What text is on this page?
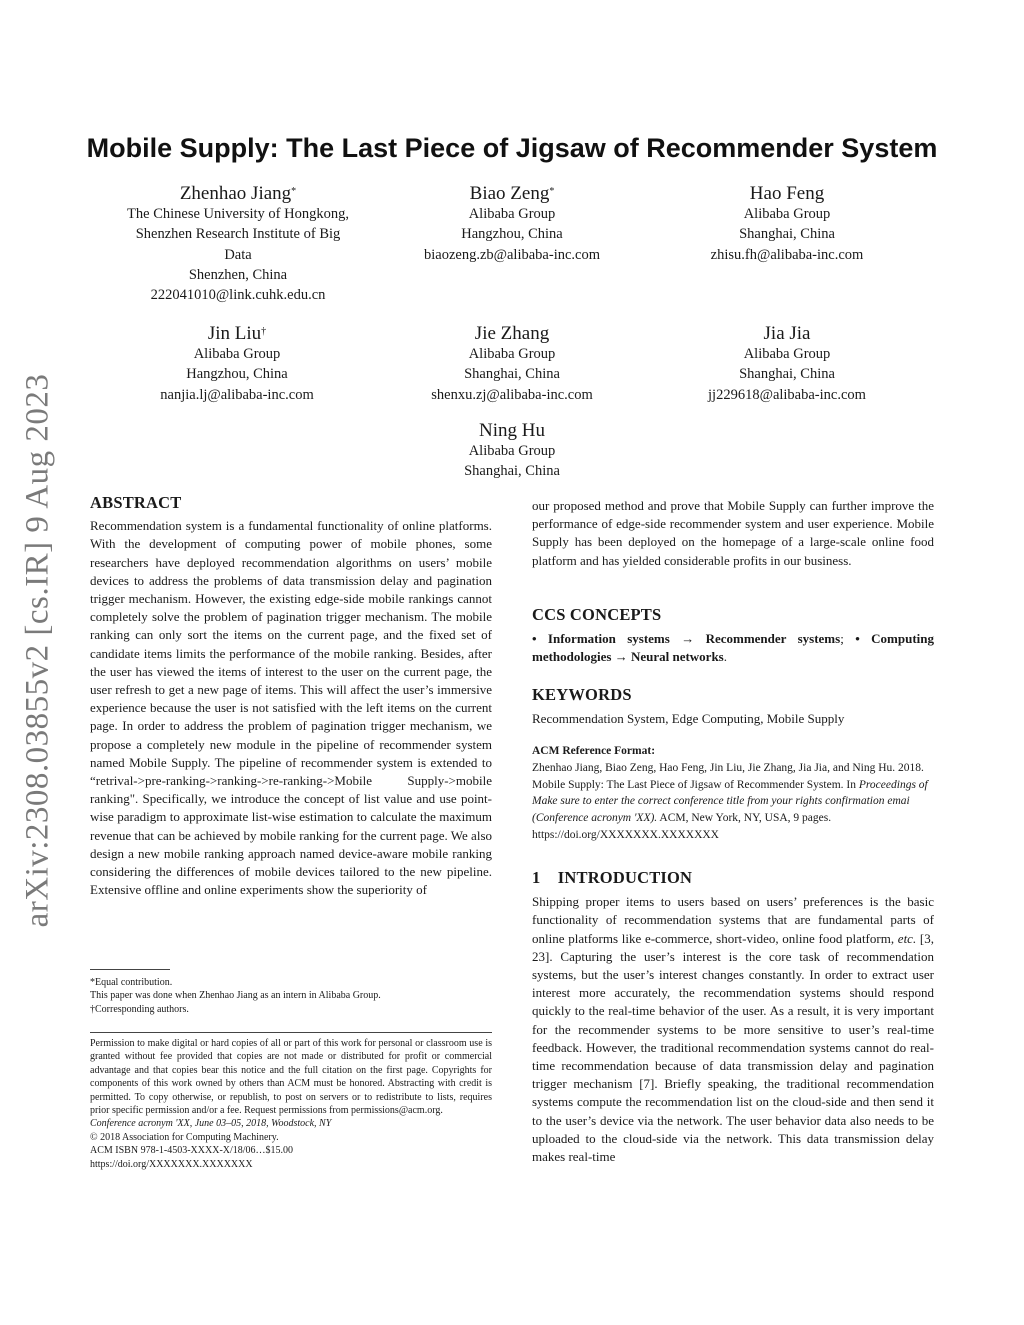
arXiv:2308.03855v2 [cs.IR] 9 Aug 2023
Mobile Supply: The Last Piece of Jigsaw of Recommender System
Zhenhao Jiang*
The Chinese University of Hongkong,
Shenzhen Research Institute of Big
Data
Shenzhen, China
222041010@link.cuhk.edu.cn
Biao Zeng*
Alibaba Group
Hangzhou, China
biaozeng.zb@alibaba-inc.com
Hao Feng
Alibaba Group
Shanghai, China
zhisu.fh@alibaba-inc.com
Jin Liu†
Alibaba Group
Hangzhou, China
nanjia.lj@alibaba-inc.com
Jie Zhang
Alibaba Group
Shanghai, China
shenxu.zj@alibaba-inc.com
Jia Jia
Alibaba Group
Shanghai, China
jj229618@alibaba-inc.com
Ning Hu
Alibaba Group
Shanghai, China
ABSTRACT
Recommendation system is a fundamental functionality of online platforms. With the development of computing power of mobile phones, some researchers have deployed recommendation algorithms on users’ mobile devices to address the problems of data transmission delay and pagination trigger mechanism. However, the existing edge-side mobile rankings cannot completely solve the problem of pagination trigger mechanism. The mobile ranking can only sort the items on the current page, and the fixed set of candidate items limits the performance of the mobile ranking. Besides, after the user has viewed the items of interest to the user on the current page, the user refresh to get a new page of items. This will affect the user’s immersive experience because the user is not satisfied with the left items on the current page. In order to address the problem of pagination trigger mechanism, we propose a completely new module in the pipeline of recommender system named Mobile Supply. The pipeline of recommender system is extended to “retrival->pre-ranking->ranking->re-ranking->Mobile Supply->mobile ranking". Specifically, we introduce the concept of list value and use point-wise paradigm to approximate list-wise estimation to calculate the maximum revenue that can be achieved by mobile ranking for the current page. We also design a new mobile ranking approach named device-aware mobile ranking considering the differences of mobile devices tailored to the new pipeline. Extensive offline and online experiments show the superiority of
*Equal contribution.
This paper was done when Zhenhao Jiang as an intern in Alibaba Group.
†Corresponding authors.
Permission to make digital or hard copies of all or part of this work for personal or classroom use is granted without fee provided that copies are not made or distributed for profit or commercial advantage and that copies bear this notice and the full citation on the first page. Copyrights for components of this work owned by others than ACM must be honored. Abstracting with credit is permitted. To copy otherwise, or republish, to post on servers or to redistribute to lists, requires prior specific permission and/or a fee. Request permissions from permissions@acm.org.
Conference acronym 'XX, June 03–05, 2018, Woodstock, NY
© 2018 Association for Computing Machinery.
ACM ISBN 978-1-4503-XXXX-X/18/06…$15.00
https://doi.org/XXXXXXX.XXXXXXX
our proposed method and prove that Mobile Supply can further improve the performance of edge-side recommender system and user experience. Mobile Supply has been deployed on the homepage of a large-scale online food platform and has yielded considerable profits in our business.
CCS CONCEPTS
• Information systems → Recommender systems; • Computing methodologies → Neural networks.
KEYWORDS
Recommendation System, Edge Computing, Mobile Supply
ACM Reference Format:
Zhenhao Jiang, Biao Zeng, Hao Feng, Jin Liu, Jie Zhang, Jia Jia, and Ning Hu. 2018. Mobile Supply: The Last Piece of Jigsaw of Recommender System. In Proceedings of Make sure to enter the correct conference title from your rights confirmation emai (Conference acronym 'XX). ACM, New York, NY, USA, 9 pages. https://doi.org/XXXXXXX.XXXXXXX
1    INTRODUCTION
Shipping proper items to users based on users’ preferences is the basic functionality of recommendation systems that are fundamental parts of online platforms like e-commerce, short-video, online food platform, etc. [3, 23]. Capturing the user’s interest is the core task of recommendation systems, but the user’s interest changes constantly. In order to extract user interest more accurately, the recommendation systems should respond quickly to the real-time behavior of the user. As a result, it is very important for the recommender systems to be more sensitive to user’s real-time feedback. However, the traditional recommendation systems cannot do real-time recommendation because of data transmission delay and pagination trigger mechanism [7]. Briefly speaking, the traditional recommendation systems compute the recommendation list on the cloud-side and then send it to the user’s device via the network. The user behavior data also needs to be uploaded to the cloud-side via the network. This data transmission delay makes real-time
